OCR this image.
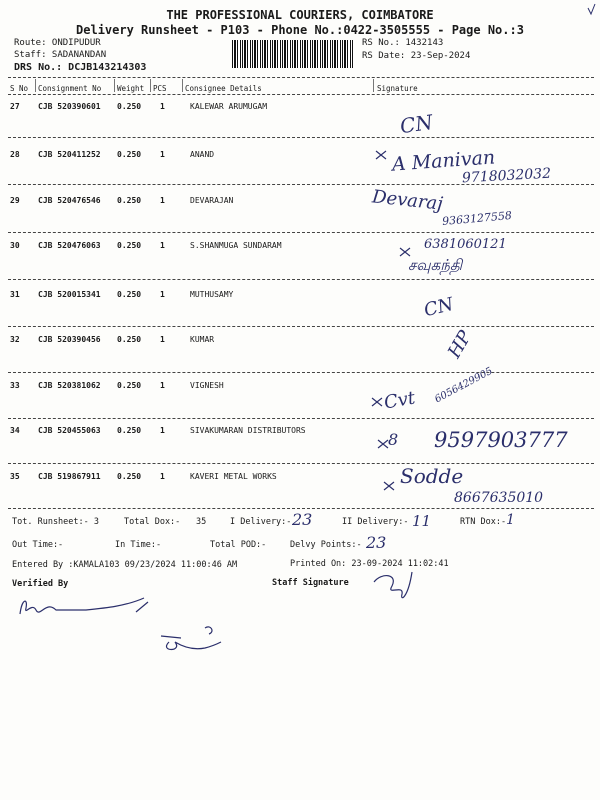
THE PROFESSIONAL COURIERS, COIMBATORE
Delivery Runsheet - P103 - Phone No.:0422-3505555 - Page No.:3
Route: ONDIPUDUR
Staff: SADANANDAN
DRS No.: DCJB143214303
RS No.: 1432143
RS Date: 23-Sep-2024
S No Consignment No Weight PCS Consignee Details	Signature
27 CJB 520390601 0.250 1	KALEWAR ARUMUGAM
CN
28 CJB 520411252 0.250 1	ANAND	A Manivan
9718032032
29 CJB 520476546 0.250 1	DEVARAJAN	Devaraj
9363127558
30 CJB 520476063 0.250 1	S.SHANMUGA SUNDARAM	6381060121
சவுகந்தி
31 CJB 520015341 0.250 1	MUTHUSAMY	CN
32 CJB 520390456 0.250 1	KUMAR	HP
33 CJB 520381062 0.250 1	VIGNESH
Cvt 6056429905
34 CJB 520455063 0.250 1	SIVAKUMARAN DISTRIBUTORS	8 9597903777
35 CJB 519867911 0.250 1	KAVERI METAL WORKS	Sodde
8667635010
Tot. Runsheet:- 3	Total Dox:- 35	I Delivery:- 23	II Delivery:- 11	RTN Dox:- 1
Out Time:-	In Time:-	Total POD:-	Delvy Points:- 23
Entered By :KAMALA103 09/23/2024 11:00:46 AM	Printed On: 23-09-2024 11:02:41
Verified By	Staff Signature
